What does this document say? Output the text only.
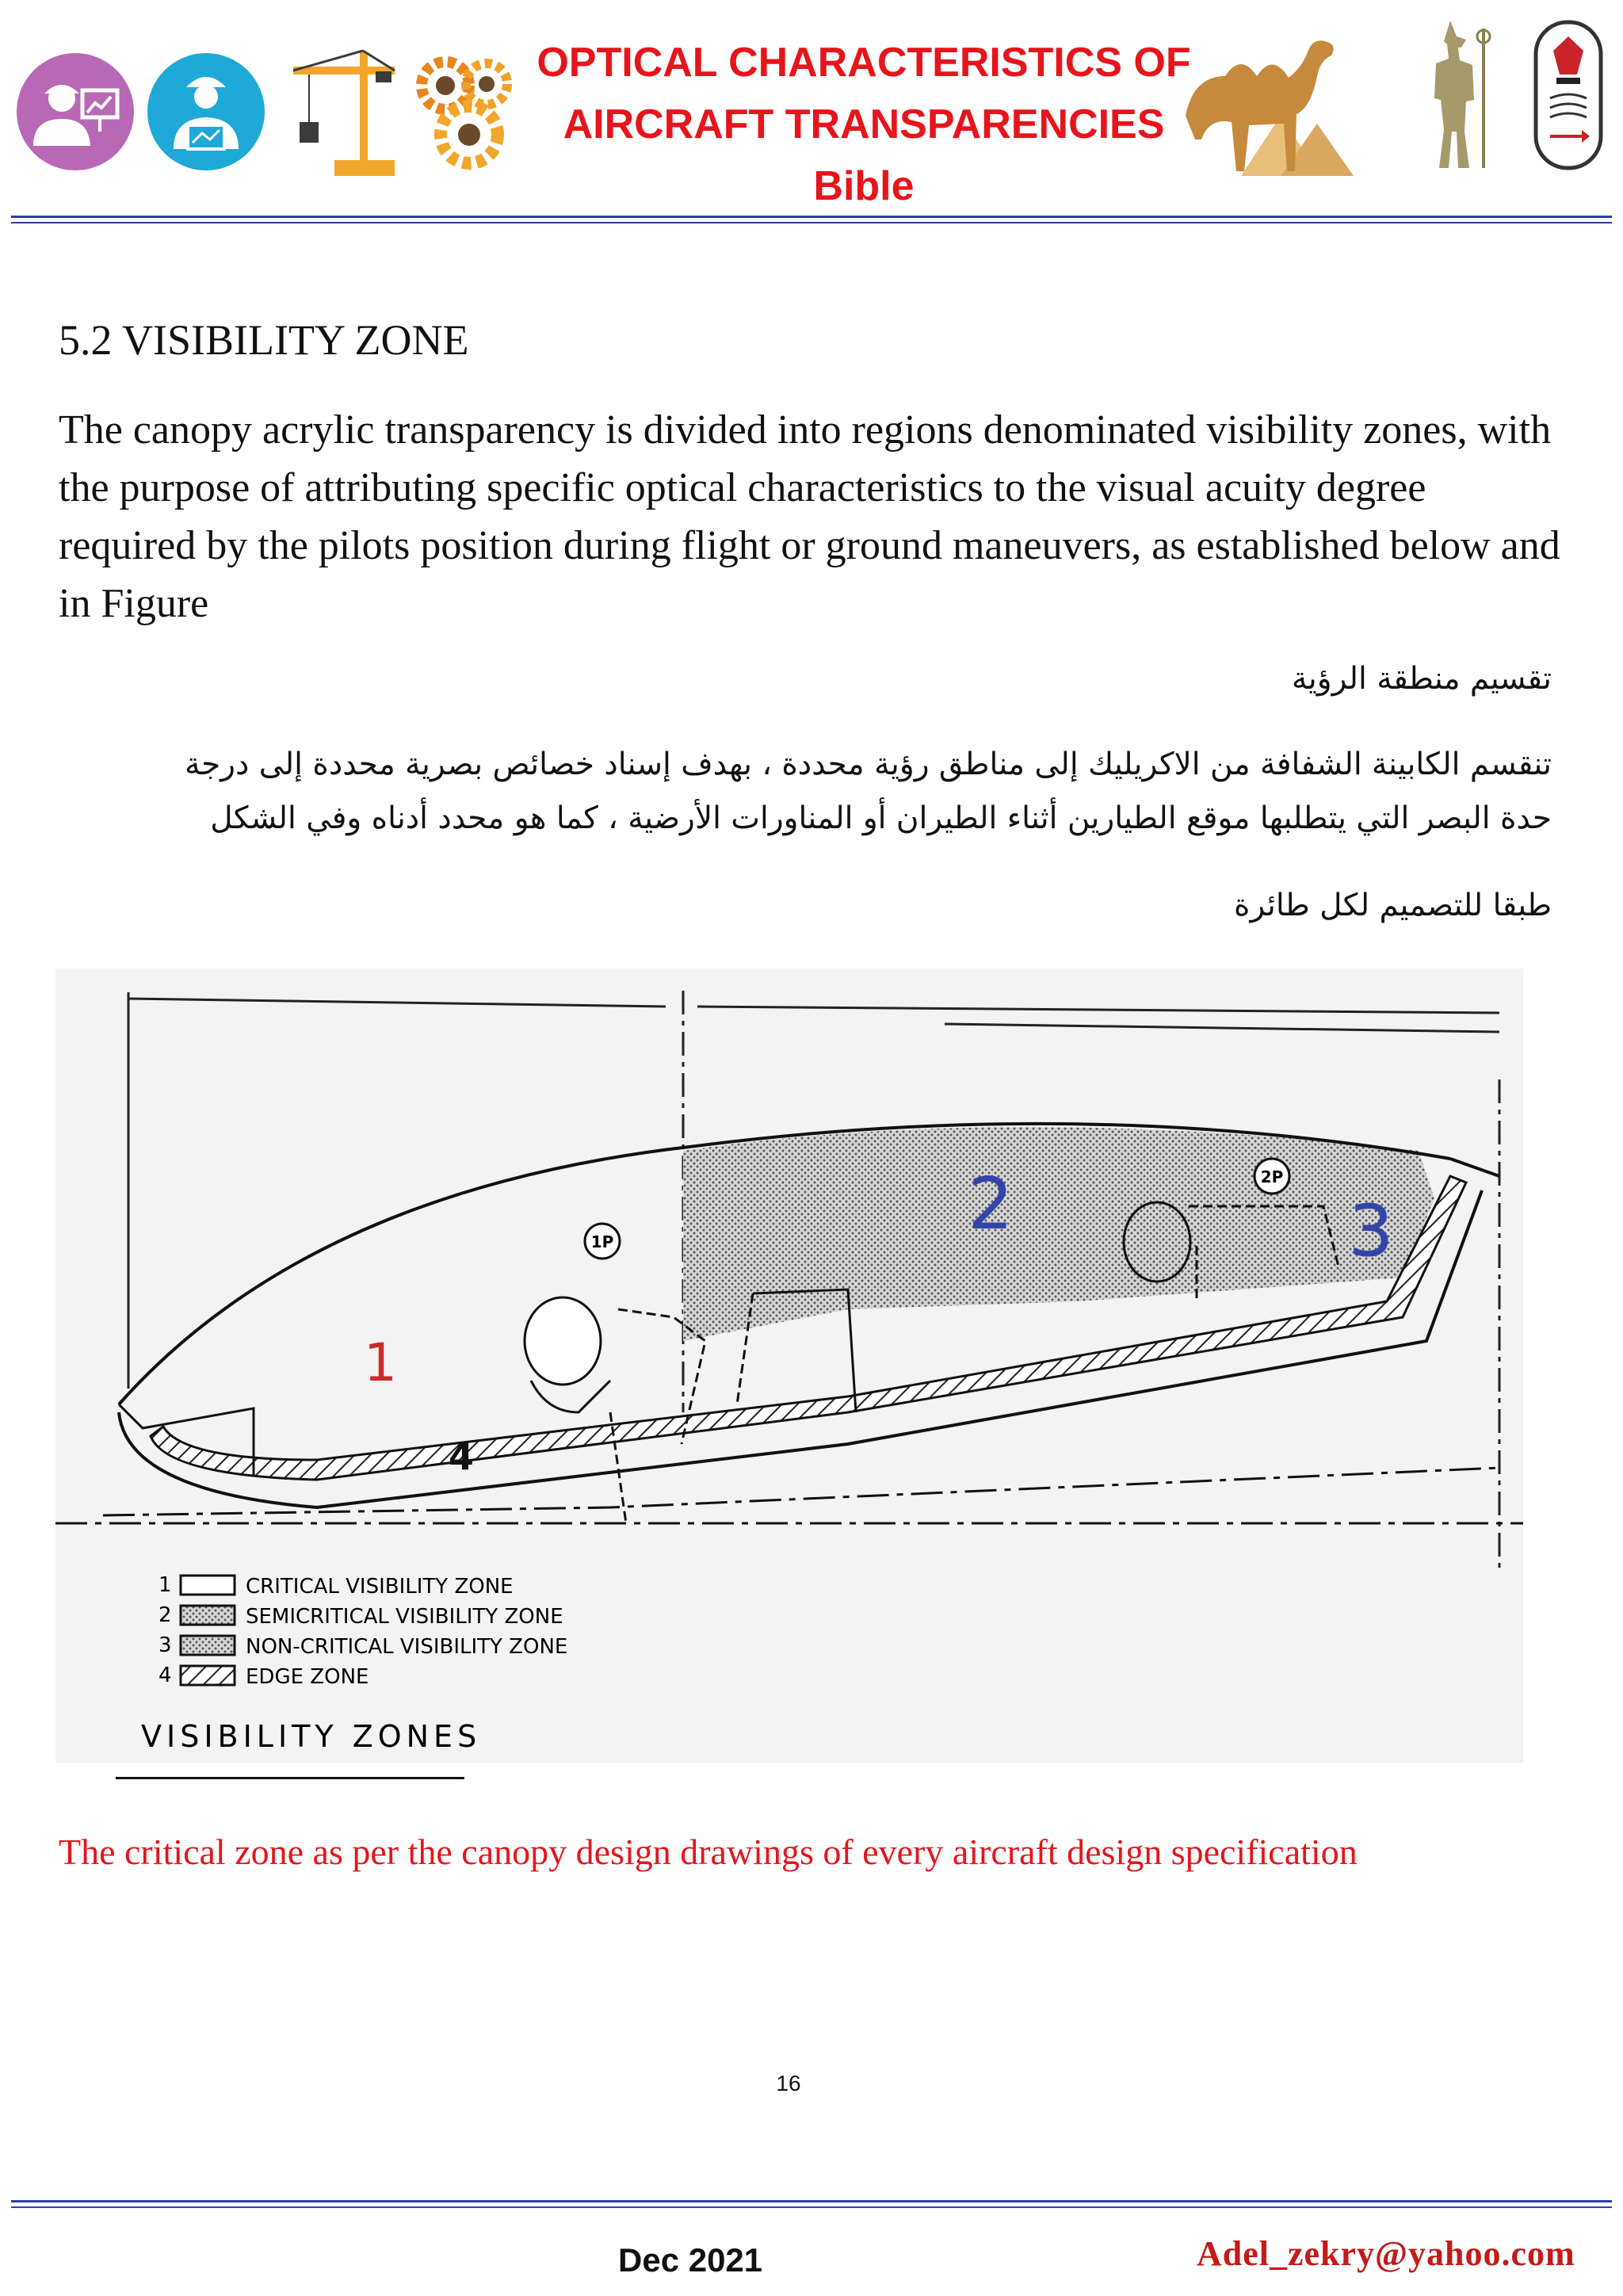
OPTICAL CHARACTERISTICS OF
AIRCRAFT TRANSPARENCIES
Bible
5.2 VISIBILITY ZONE
The canopy acrylic transparency is divided into regions denominated visibility zones, with the purpose of attributing specific optical characteristics to the visual acuity degree required by the pilots position during flight or ground maneuvers, as established below and in Figure
تقسيم منطقة الرؤية
تنقسم الكابينة الشفافة من الاكريليك إلى مناطق رؤية محددة ، بهدف إسناد خصائص بصرية محددة إلى درجة
حدة البصر التي يتطلبها موقع الطيارين أثناء الطيران أو المناورات الأرضية ، كما هو محدد أدناه وفي الشكل
طبقا للتصميم لكل طائرة
1P
2P
1
2	3
4
1	CRITICAL VISIBILITY ZONE
2	SEMICRITICAL VISIBILITY ZONE
3	NON-CRITICAL VISIBILITY ZONE
4	EDGE ZONE
VISIBILITY ZONES
The critical zone as per the canopy design drawings of every aircraft design specification
16
Dec 2021	Adel_zekry@yahoo.com
